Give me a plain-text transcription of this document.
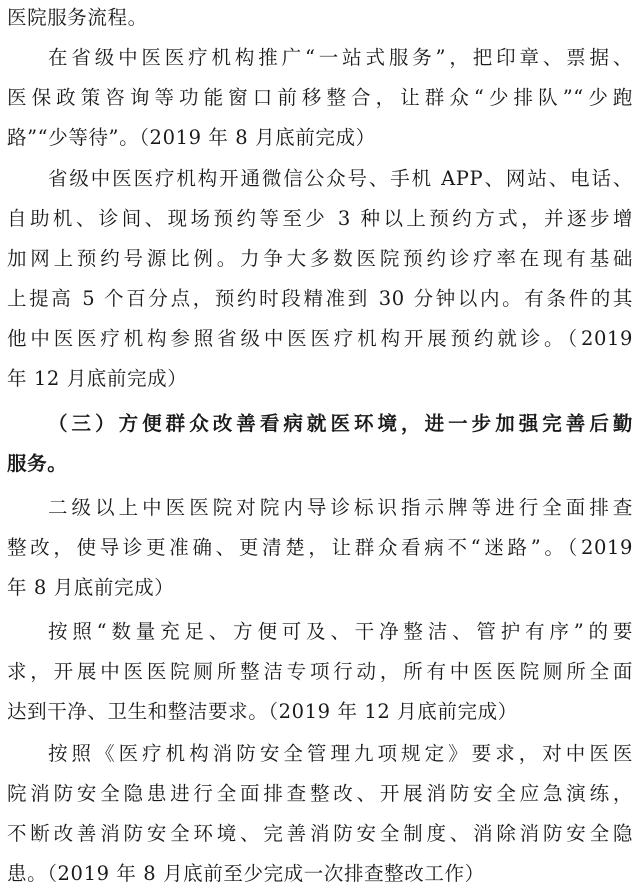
医院服务流程。
在省级中医医疗机构推广“一站式服务”，把印章、票据、
医保政策咨询等功能窗口前移整合，让群众“少排队”“少跑
路”“少等待”。（2019 年 8 月底前完成）
省级中医医疗机构开通微信公众号、手机 APP、网站、电话、
自助机、诊间、现场预约等至少 3 种以上预约方式，并逐步增
加网上预约号源比例。力争大多数医院预约诊疗率在现有基础
上提高 5 个百分点，预约时段精准到 30 分钟以内。有条件的其
他中医医疗机构参照省级中医医疗机构开展预约就诊。（2019
年 12 月底前完成）
（三）方便群众改善看病就医环境，进一步加强完善后勤
服务。
二级以上中医医院对院内导诊标识指示牌等进行全面排查
整改，使导诊更准确、更清楚，让群众看病不“迷路”。（2019
年 8 月底前完成）
按照“数量充足、方便可及、干净整洁、管护有序”的要
求，开展中医医院厕所整洁专项行动，所有中医医院厕所全面
达到干净、卫生和整洁要求。（2019 年 12 月底前完成）
按照《医疗机构消防安全管理九项规定》要求，对中医医
院消防安全隐患进行全面排查整改、开展消防安全应急演练，
不断改善消防安全环境、完善消防安全制度、消除消防安全隐
患。（2019 年 8 月底前至少完成一次排查整改工作）
